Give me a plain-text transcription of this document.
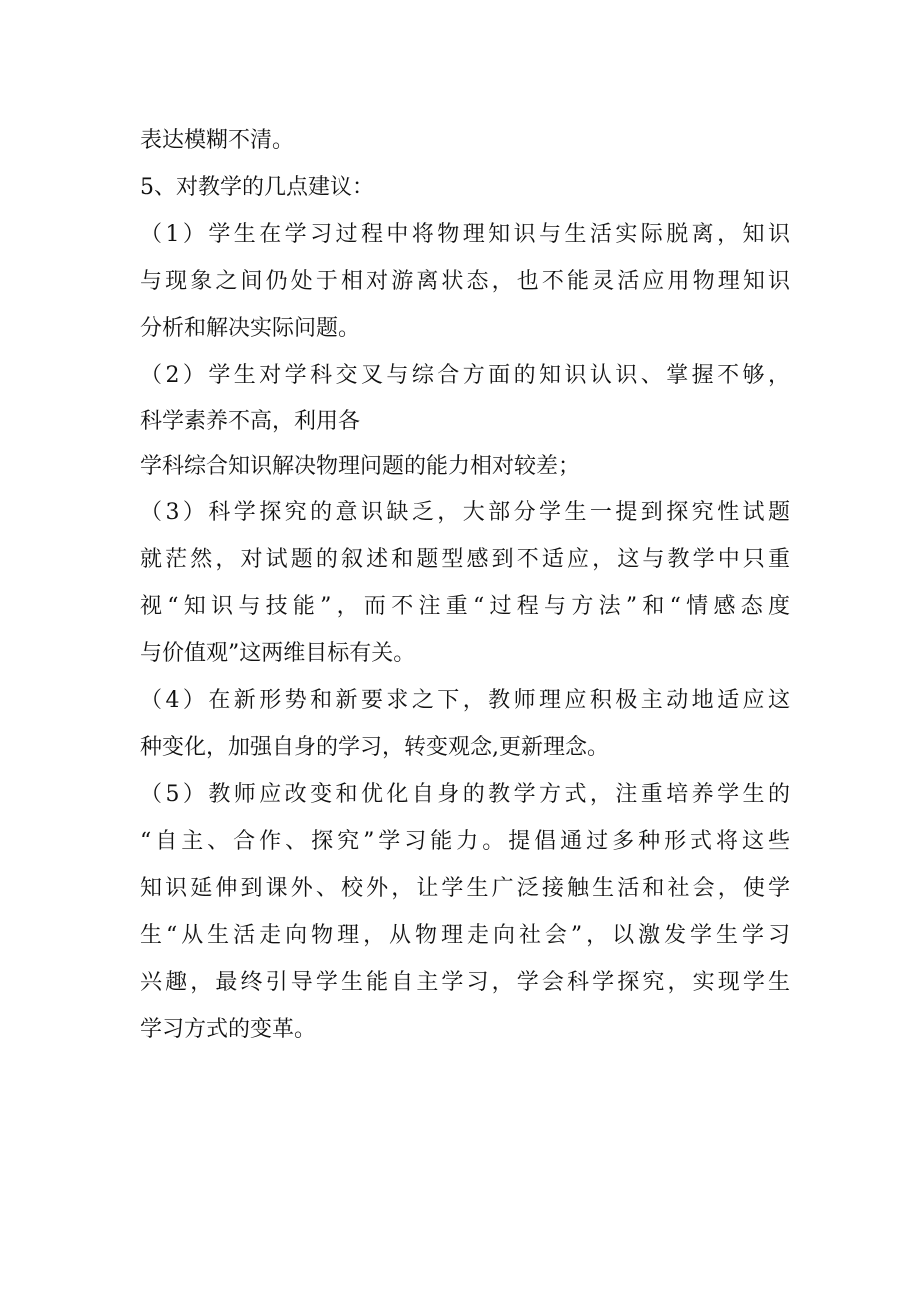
表达模糊不清。
5、对教学的几点建议：
（1）学生在学习过程中将物理知识与生活实际脱离，知识
与现象之间仍处于相对游离状态，也不能灵活应用物理知识
分析和解决实际问题。
（2）学生对学科交叉与综合方面的知识认识、掌握不够，
科学素养不高，利用各
学科综合知识解决物理问题的能力相对较差；
（3）科学探究的意识缺乏，大部分学生一提到探究性试题
就茫然，对试题的叙述和题型感到不适应，这与教学中只重
视“知识与技能”，而不注重“过程与方法”和“情感态度
与价值观”这两维目标有关。
（4）在新形势和新要求之下，教师理应积极主动地适应这
种变化，加强自身的学习，转变观念,更新理念。
（5）教师应改变和优化自身的教学方式，注重培养学生的
“自主、合作、探究”学习能力。提倡通过多种形式将这些
知识延伸到课外、校外，让学生广泛接触生活和社会，使学
生“从生活走向物理，从物理走向社会”，以激发学生学习
兴趣，最终引导学生能自主学习，学会科学探究，实现学生
学习方式的变革。
